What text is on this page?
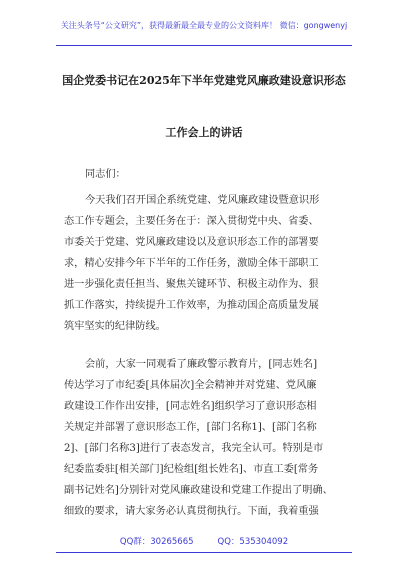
关注头条号“公文研究”，获得最新最全最专业的公文资料库！ 微信：gongwenyj
国企党委书记在2025年下半年党建党风廉政建设意识形态
工作会上的讲话
同志们：
今天我们召开国企系统党建、党风廉政建设暨意识形
态工作专题会，主要任务在于：深入贯彻党中央、省委、
市委关于党建、党风廉政建设以及意识形态工作的部署要
求，精心安排今年下半年的工作任务，激励全体干部职工
进一步强化责任担当、聚焦关键环节、积极主动作为、狠
抓工作落实，持续提升工作效率，为推动国企高质量发展
筑牢坚实的纪律防线。
会前，大家一同观看了廉政警示教育片，[同志姓名]
传达学习了市纪委[具体届次]全会精神并对党建、党风廉
政建设工作作出安排，[同志姓名]组织学习了意识形态相
关规定并部署了意识形态工作，[部门名称1]、[部门名称
2]、[部门名称3]进行了表态发言，我完全认可。特别是市
纪委监委驻[相关部门]纪检组[组长姓名]、市直工委[常务
副书记姓名]分别针对党风廉政建设和党建工作提出了明确、
细致的要求，请大家务必认真贯彻执行。下面，我着重强
QQ群：30265665	QQ：535304092
